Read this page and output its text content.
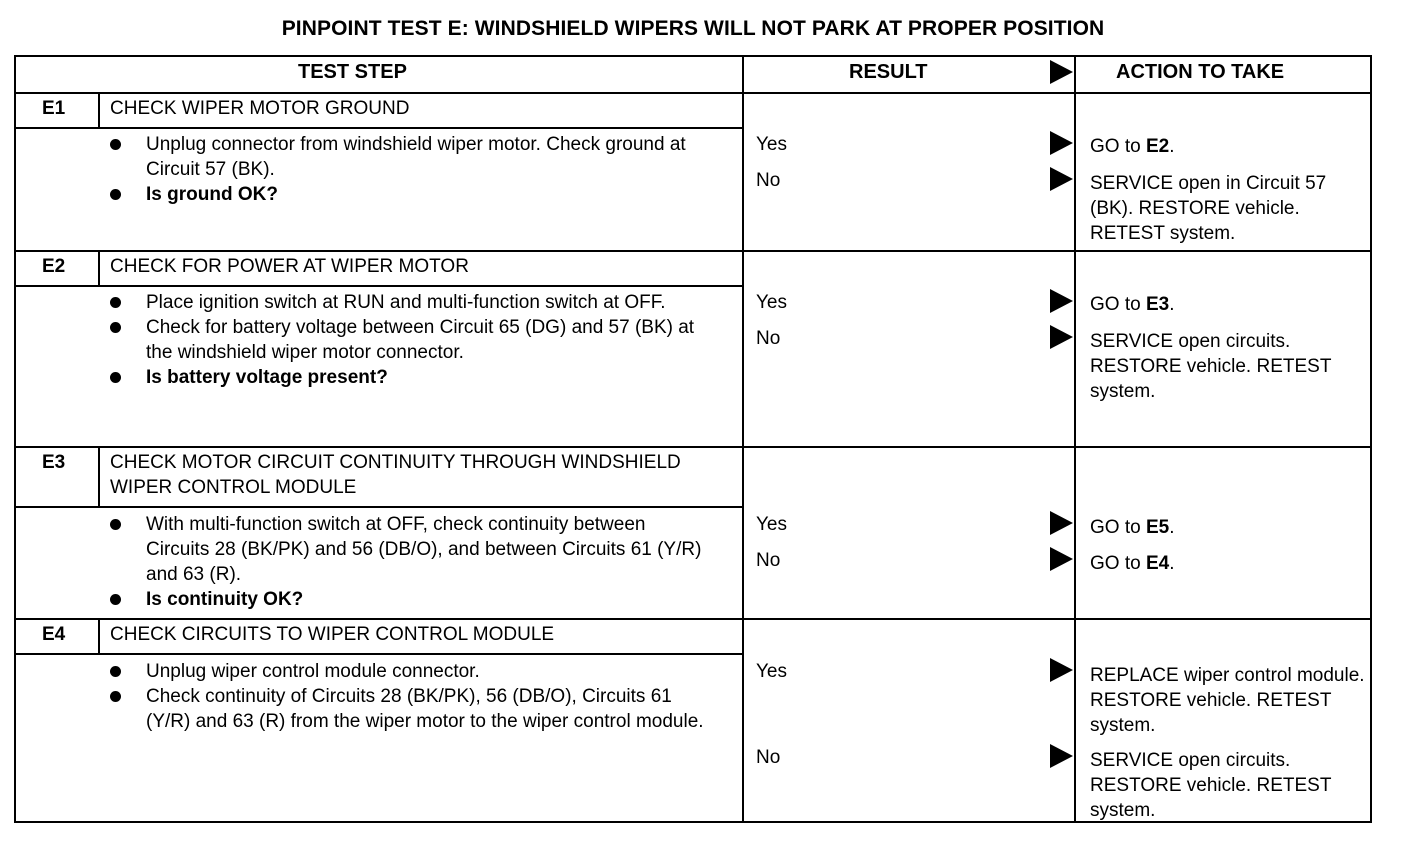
PINPOINT TEST E: WINDSHIELD WIPERS WILL NOT PARK AT PROPER POSITION
TEST STEP	RESULT	ACTION TO TAKE
E1 CHECK WIPER MOTOR GROUND
Unplug connector from windshield wiper motor. Check ground at Circuit 57 (BK).
Is ground OK?
Yes
No
GO to E2.
SERVICE open in Circuit 57 (BK). RESTORE vehicle. RETEST system.
E2 CHECK FOR POWER AT WIPER MOTOR
Place ignition switch at RUN and multi-function switch at OFF.
Check for battery voltage between Circuit 65 (DG) and 57 (BK) at the windshield wiper motor connector.
Is battery voltage present?
Yes
No
GO to E3.
SERVICE open circuits. RESTORE vehicle. RETEST system.
E3 CHECK MOTOR CIRCUIT CONTINUITY THROUGH WINDSHIELD WIPER CONTROL MODULE
With multi-function switch at OFF, check continuity between Circuits 28 (BK/PK) and 56 (DB/O), and between Circuits 61 (Y/R) and 63 (R).
Is continuity OK?
Yes
No
GO to E5.
GO to E4.
E4 CHECK CIRCUITS TO WIPER CONTROL MODULE
Unplug wiper control module connector.
Check continuity of Circuits 28 (BK/PK), 56 (DB/O), Circuits 61 (Y/R) and 63 (R) from the wiper motor to the wiper control module.
Yes
No
REPLACE wiper control module. RESTORE vehicle. RETEST system.
SERVICE open circuits. RESTORE vehicle. RETEST system.
